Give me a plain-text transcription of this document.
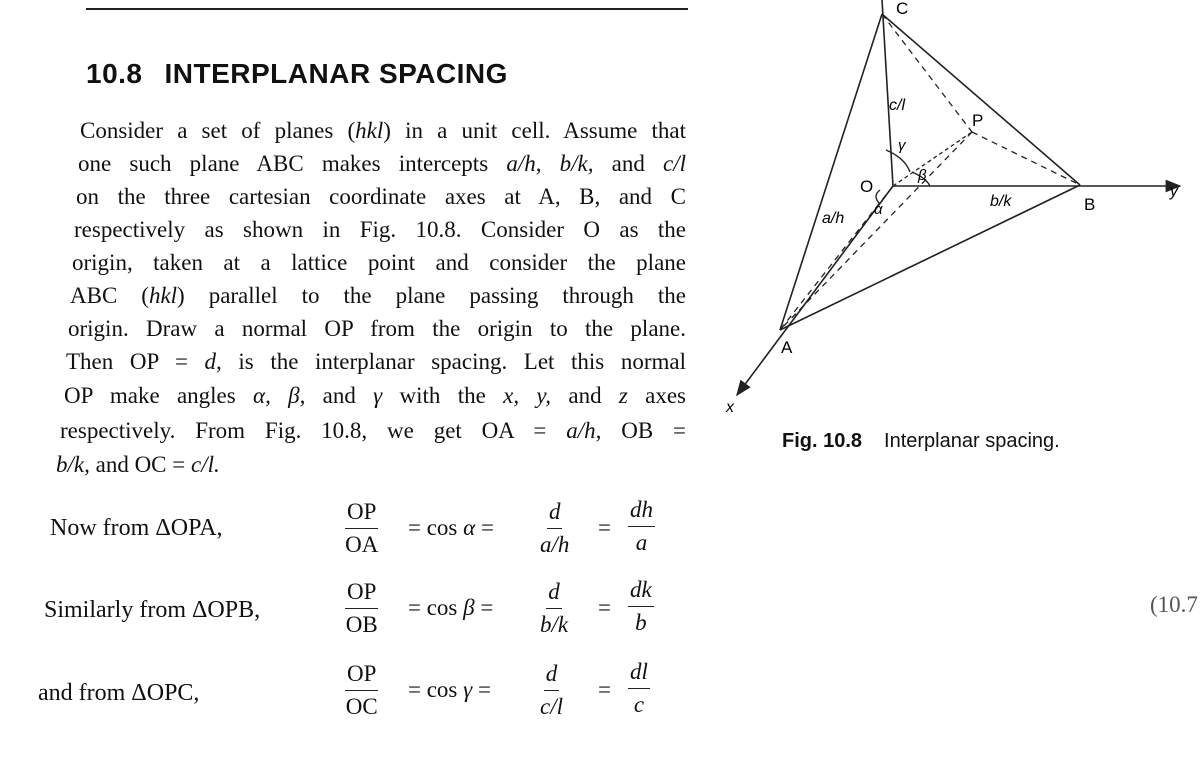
10.8 INTERPLANAR SPACING
Consider a set of planes (hkl) in a unit cell. Assume that
one such plane ABC makes intercepts a/h, b/k, and c/l
on the three cartesian coordinate axes at A, B, and C
respectively as shown in Fig. 10.8. Consider O as the
origin, taken at a lattice point and consider the plane
ABC (hkl) parallel to the plane passing through the
origin. Draw a normal OP from the origin to the plane.
Then OP = d, is the interplanar spacing. Let this normal
OP make angles α, β, and γ with the x, y, and z axes
respectively. From Fig. 10.8, we get OA = a/h, OB =
b/k, and OC = c/l.
Now from ΔOPA,	$\frac{OP}{OA} = \cos \alpha = \frac{d}{a/h} = \frac{dh}{a}$
Similarly from ΔOPB,	$\frac{OP}{OB} = \cos \beta = \frac{d}{b/k} = \frac{dk}{b}$
and from ΔOPC,	$\frac{OP}{OC} = \cos \gamma = \frac{d}{c/l} = \frac{dl}{c}$
(10.7
C
P
O
B
A
x
y
c/l
γ
β
α
a/h
b/k
Fig. 10.8 Interplanar spacing.
